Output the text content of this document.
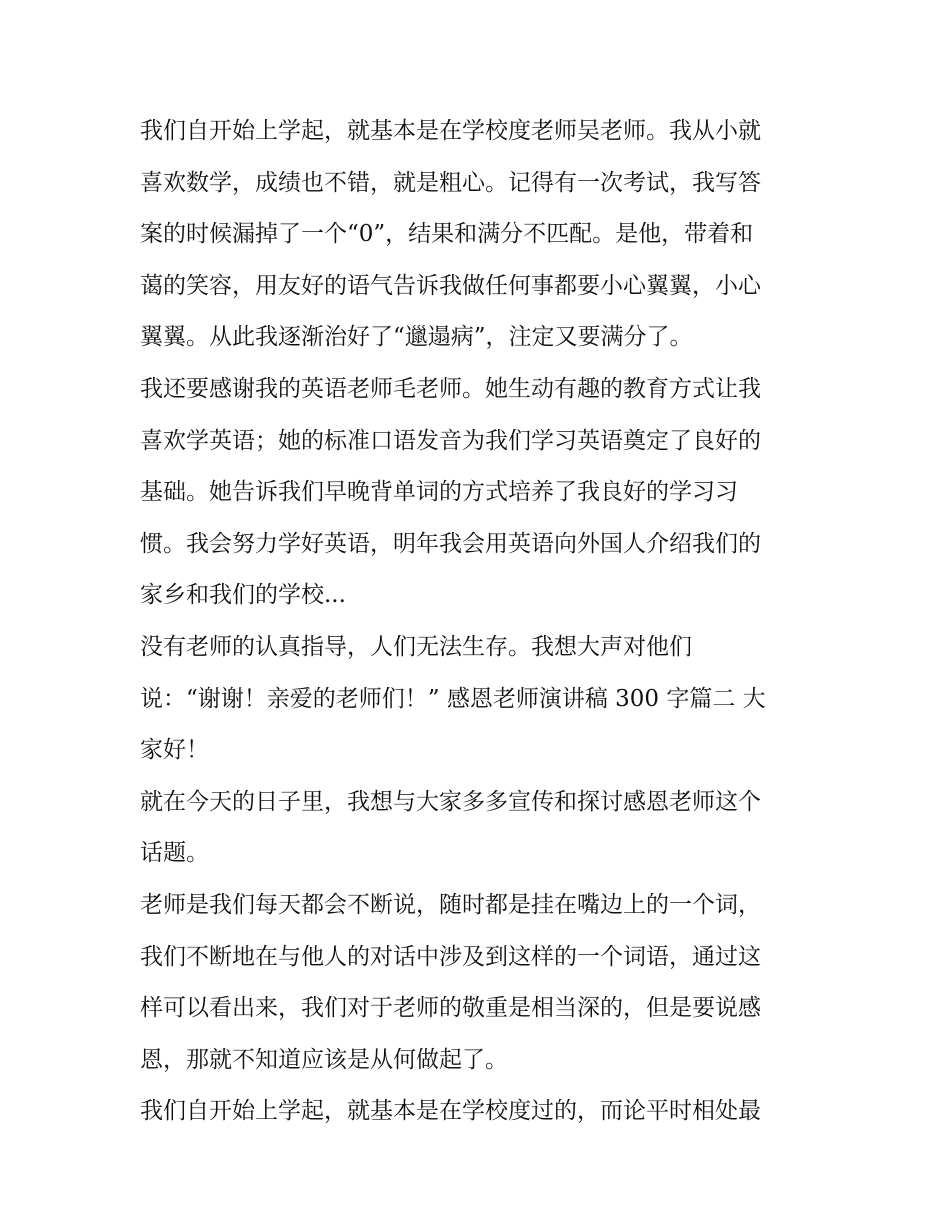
我们自开始上学起，就基本是在学校度老师吴老师。我从小就
喜欢数学，成绩也不错，就是粗心。记得有一次考试，我写答
案的时候漏掉了一个“0”，结果和满分不匹配。是他，带着和
蔼的笑容，用友好的语气告诉我做任何事都要小心翼翼，小心
翼翼。从此我逐渐治好了“邋遢病”，注定又要满分了。
我还要感谢我的英语老师毛老师。她生动有趣的教育方式让我
喜欢学英语；她的标准口语发音为我们学习英语奠定了良好的
基础。她告诉我们早晚背单词的方式培养了我良好的学习习
惯。我会努力学好英语，明年我会用英语向外国人介绍我们的
家乡和我们的学校...
没有老师的认真指导，人们无法生存。我想大声对他们
说：“谢谢！亲爱的老师们！” 感恩老师演讲稿 300 字篇二 大
家好！
就在今天的日子里，我想与大家多多宣传和探讨感恩老师这个
话题。
老师是我们每天都会不断说，随时都是挂在嘴边上的一个词，
我们不断地在与他人的对话中涉及到这样的一个词语，通过这
样可以看出来，我们对于老师的敬重是相当深的，但是要说感
恩，那就不知道应该是从何做起了。
我们自开始上学起，就基本是在学校度过的，而论平时相处最
